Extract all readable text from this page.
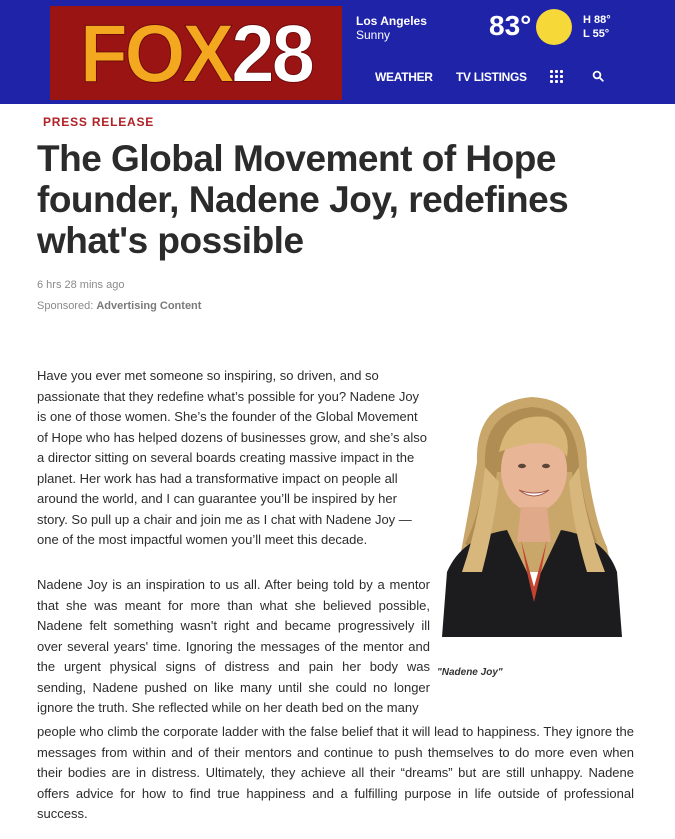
FOX 28	Los Angeles
Sunny	83°	H 88°
L 55°
WEATHER TV LISTINGS
PRESS RELEASE
The Global Movement of Hope founder, Nadene Joy, redefines what's possible
6 hrs 28 mins ago
Sponsored: Advertising Content

Have you ever met someone so inspiring, so driven, and so passionate that they redefine what’s possible for you? Nadene Joy is one of those women. She’s the founder of the Global Movement of Hope who has helped dozens of businesses grow, and she’s also a director sitting on several boards creating massive impact in the planet. Her work has had a transformative impact on people all around the world, and I can guarantee you’ll be inspired by her story. So pull up a chair and join me as I chat with Nadene Joy — one of the most impactful women you’ll meet this decade.

"Nadene Joy"

Nadene Joy is an inspiration to us all. After being told by a mentor that she was meant for more than what she believed possible, Nadene felt something wasn't right and became progressively ill over several years' time. Ignoring the messages of the mentor and the urgent physical signs of distress and pain her body was sending, Nadene pushed on like many until she could no longer ignore the truth. She reflected while on her death bed on the many

people who climb the corporate ladder with the false belief that it will lead to happiness. They ignore the messages from within and of their mentors and continue to push themselves to do more even when their bodies are in distress. Ultimately, they achieve all their “dreams” but are still unhappy. Nadene offers advice for how to find true happiness and a fulfilling purpose in life outside of professional success.
